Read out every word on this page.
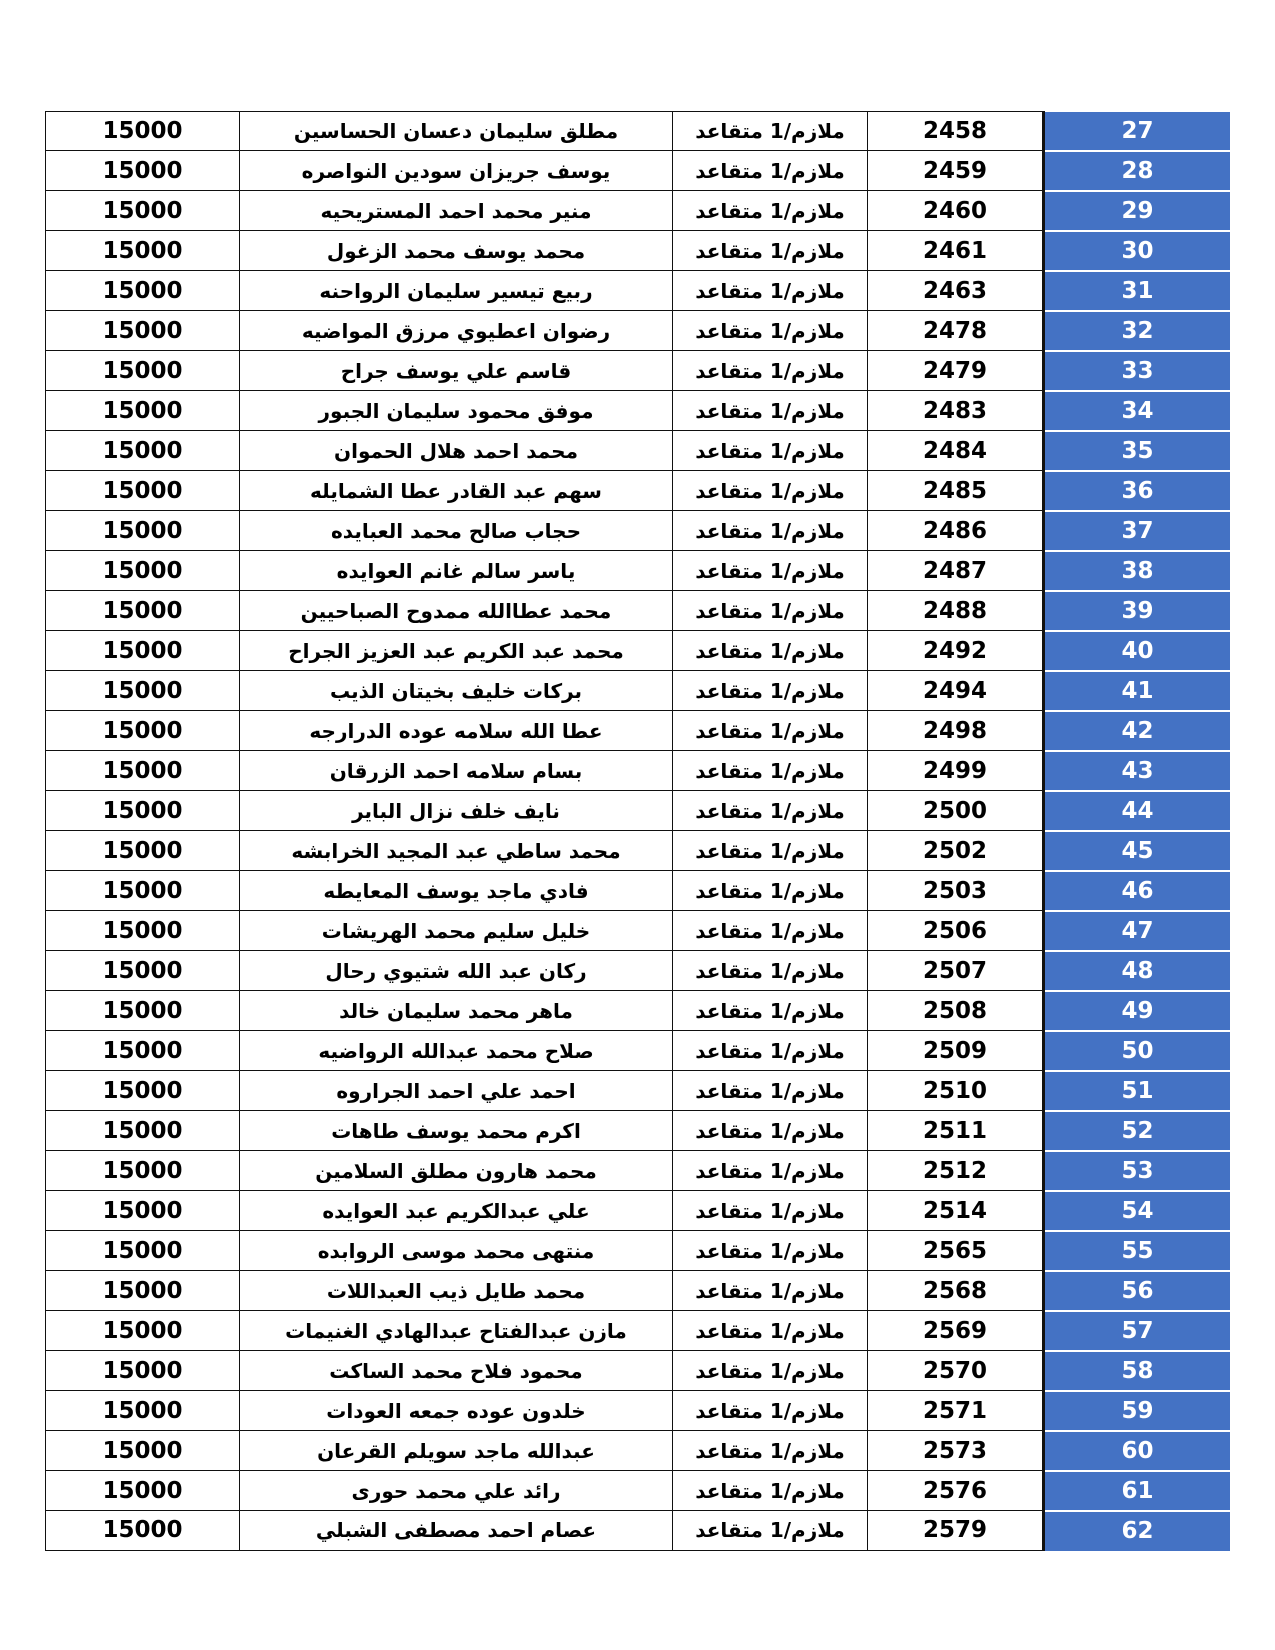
15000	مطلق سليمان دعسان الحساسين	ملازم/1 متقاعد	2458	27
15000	يوسف جريزان سودين النواصره	ملازم/1 متقاعد	2459	28
15000	منير محمد احمد المستريحيه	ملازم/1 متقاعد	2460	29
15000	محمد يوسف محمد الزغول	ملازم/1 متقاعد	2461	30
15000	ربيع تيسير سليمان الرواحنه	ملازم/1 متقاعد	2463	31
15000	رضوان اعطيوي مرزق المواضيه	ملازم/1 متقاعد	2478	32
15000	قاسم علي يوسف جراح	ملازم/1 متقاعد	2479	33
15000	موفق محمود سليمان الجبور	ملازم/1 متقاعد	2483	34
15000	محمد احمد هلال الحموان	ملازم/1 متقاعد	2484	35
15000	سهم عبد القادر عطا الشمايله	ملازم/1 متقاعد	2485	36
15000	حجاب صالح محمد العبايده	ملازم/1 متقاعد	2486	37
15000	ياسر سالم غانم العوايده	ملازم/1 متقاعد	2487	38
15000	محمد عطاالله ممدوح الصباحيين	ملازم/1 متقاعد	2488	39
15000	محمد عبد الكريم عبد العزيز الجراح	ملازم/1 متقاعد	2492	40
15000	بركات خليف بخيتان الذيب	ملازم/1 متقاعد	2494	41
15000	عطا الله سلامه عوده الدرارجه	ملازم/1 متقاعد	2498	42
15000	بسام سلامه احمد الزرقان	ملازم/1 متقاعد	2499	43
15000	نايف خلف نزال الباير	ملازم/1 متقاعد	2500	44
15000	محمد ساطي عبد المجيد الخرابشه	ملازم/1 متقاعد	2502	45
15000	فادي ماجد يوسف المعايطه	ملازم/1 متقاعد	2503	46
15000	خليل سليم محمد الهريشات	ملازم/1 متقاعد	2506	47
15000	ركان عبد الله شتيوي رحال	ملازم/1 متقاعد	2507	48
15000	ماهر محمد سليمان خالد	ملازم/1 متقاعد	2508	49
15000	صلاح محمد عبدالله الرواضيه	ملازم/1 متقاعد	2509	50
15000	احمد علي احمد الجراروه	ملازم/1 متقاعد	2510	51
15000	اكرم محمد يوسف طاهات	ملازم/1 متقاعد	2511	52
15000	محمد هارون مطلق السلامين	ملازم/1 متقاعد	2512	53
15000	علي عبدالكريم عبد العوايده	ملازم/1 متقاعد	2514	54
15000	منتهى محمد موسى الروابده	ملازم/1 متقاعد	2565	55
15000	محمد طايل ذيب العبداللات	ملازم/1 متقاعد	2568	56
15000	مازن عبدالفتاح عبدالهادي الغنيمات	ملازم/1 متقاعد	2569	57
15000	محمود فلاح محمد الساكت	ملازم/1 متقاعد	2570	58
15000	خلدون عوده جمعه العودات	ملازم/1 متقاعد	2571	59
15000	عبدالله ماجد سويلم القرعان	ملازم/1 متقاعد	2573	60
15000	رائد علي محمد حورى	ملازم/1 متقاعد	2576	61
15000	عصام احمد مصطفى الشبلي	ملازم/1 متقاعد	2579	62
